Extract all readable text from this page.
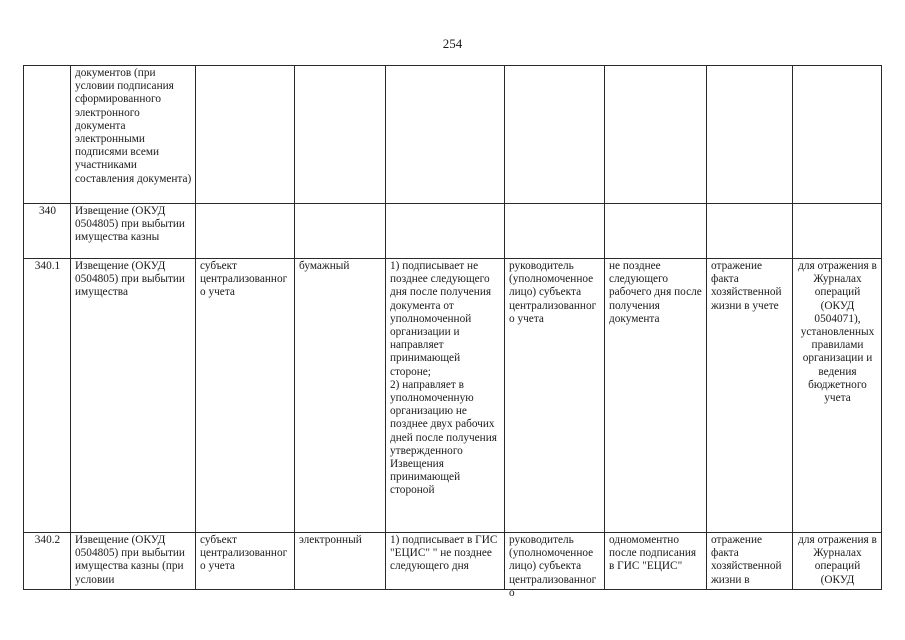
254

	документов (при условии подписания сформированного электронного документа электронными подписями всеми участниками составления документа)							

340	Извещение (ОКУД 0504805) при выбытии имущества казны							
340.1	Извещение (ОКУД 0504805) при выбытии имущества	субъект централизованного учета	бумажный	1) подписывает не позднее следующего дня после получения документа от уполномоченной организации и направляет принимающей стороне;
2) направляет в уполномоченную организацию не позднее двух рабочих дней после получения утвержденного Извещения принимающей стороной	руководитель (уполномоченное лицо) субъекта централизованного учета	не позднее следующего рабочего дня после получения документа	отражение факта хозяйственной жизни в учете	для отражения в Журналах операций (ОКУД 0504071), установленных правилами организации и ведения бюджетного учета
340.2	Извещение (ОКУД 0504805) при выбытии имущества казны (при условии	субъект централизованного учета	электронный	1) подписывает в ГИС "ЕЦИС" " не позднее следующего дня	руководитель (уполномоченное лицо) субъекта централизованного	одномоментно после подписания в ГИС "ЕЦИС"	отражение факта хозяйственной жизни в	для отражения в Журналах операций (ОКУД
